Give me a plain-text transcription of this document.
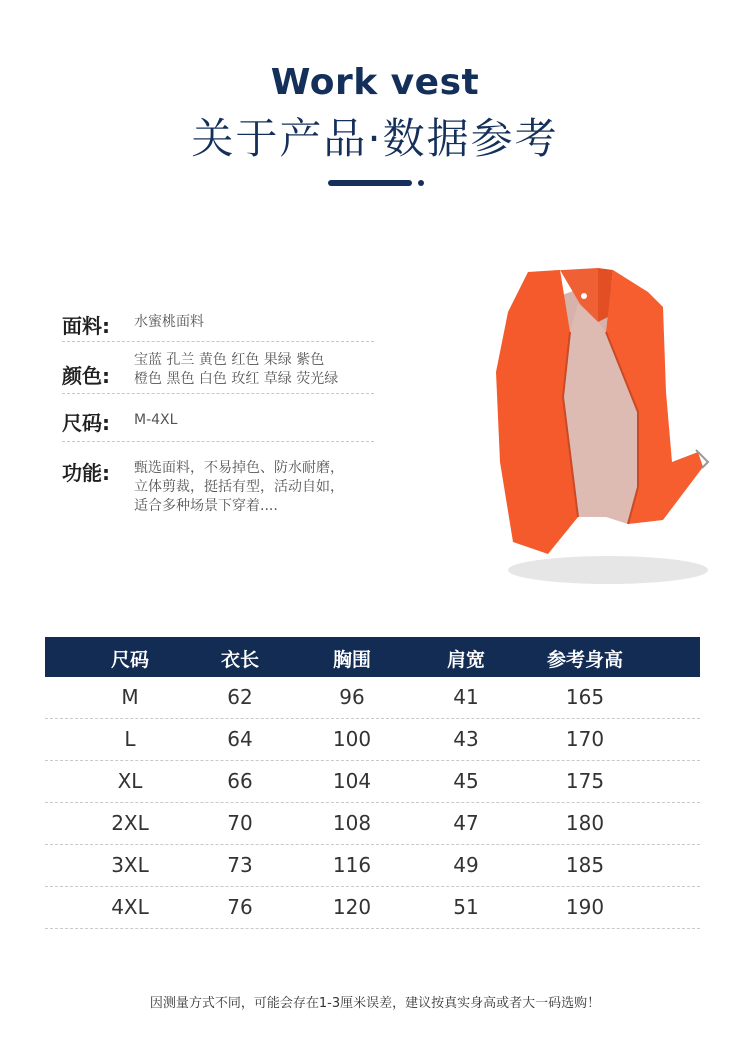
Work vest
关于产品·数据参考
面料: 水蜜桃面料
颜色:
宝蓝 孔兰 黄色 红色 果绿 紫色
橙色 黑色 白色 玫红 草绿 荧光绿
尺码: M-4XL
功能: 甄选面料，不易掉色、防水耐磨，
立体剪裁，挺括有型，活动自如，
适合多种场景下穿着....
尺码	衣长	胸围	肩宽	参考身高
M	62	96	41	165
L	64	100	43	170
XL	66	104	45	175
2XL	70	108	47	180
3XL	73	116	49	185
4XL	76	120	51	190
因测量方式不同，可能会存在1-3厘米误差，建议按真实身高或者大一码选购！
